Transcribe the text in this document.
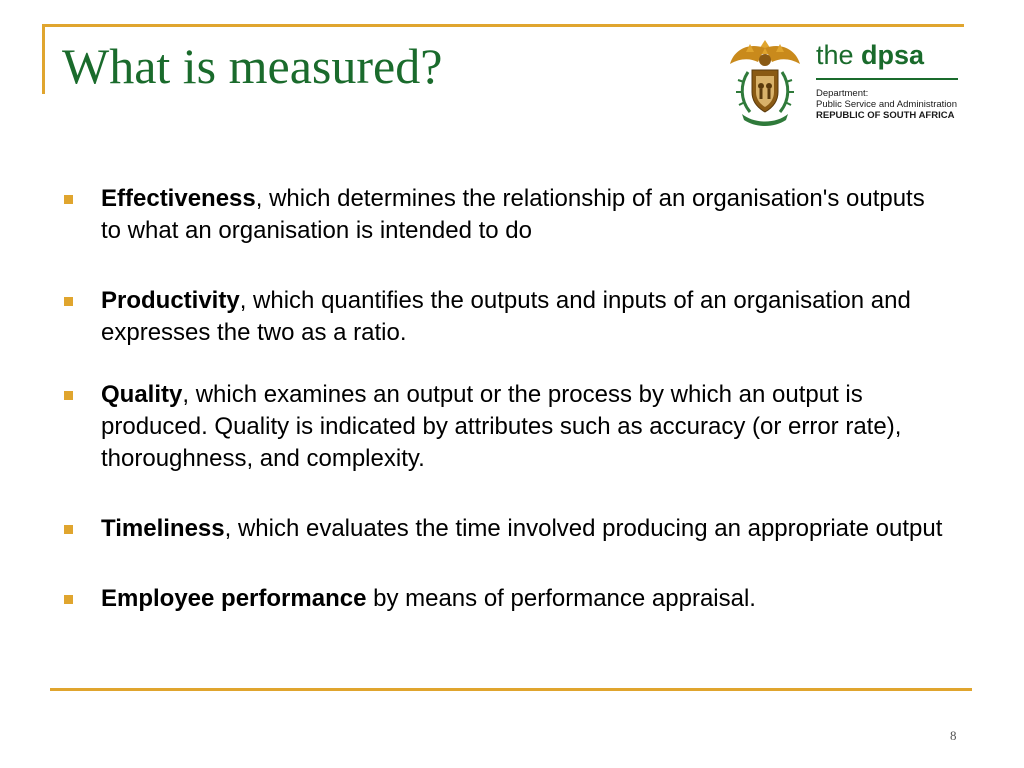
What is measured?	the dpsa
Department:
Public Service and Administration
REPUBLIC OF SOUTH AFRICA
Effectiveness, which determines the relationship of an organisation's outputs to what an organisation is intended to do
Productivity, which quantifies the outputs and inputs of an organisation and expresses the two as a ratio.
Quality, which examines an output or the process by which an output is produced. Quality is indicated by attributes such as accuracy (or error rate), thoroughness, and complexity.
Timeliness, which evaluates the time involved producing an appropriate output
Employee performance by means of performance appraisal.
8
